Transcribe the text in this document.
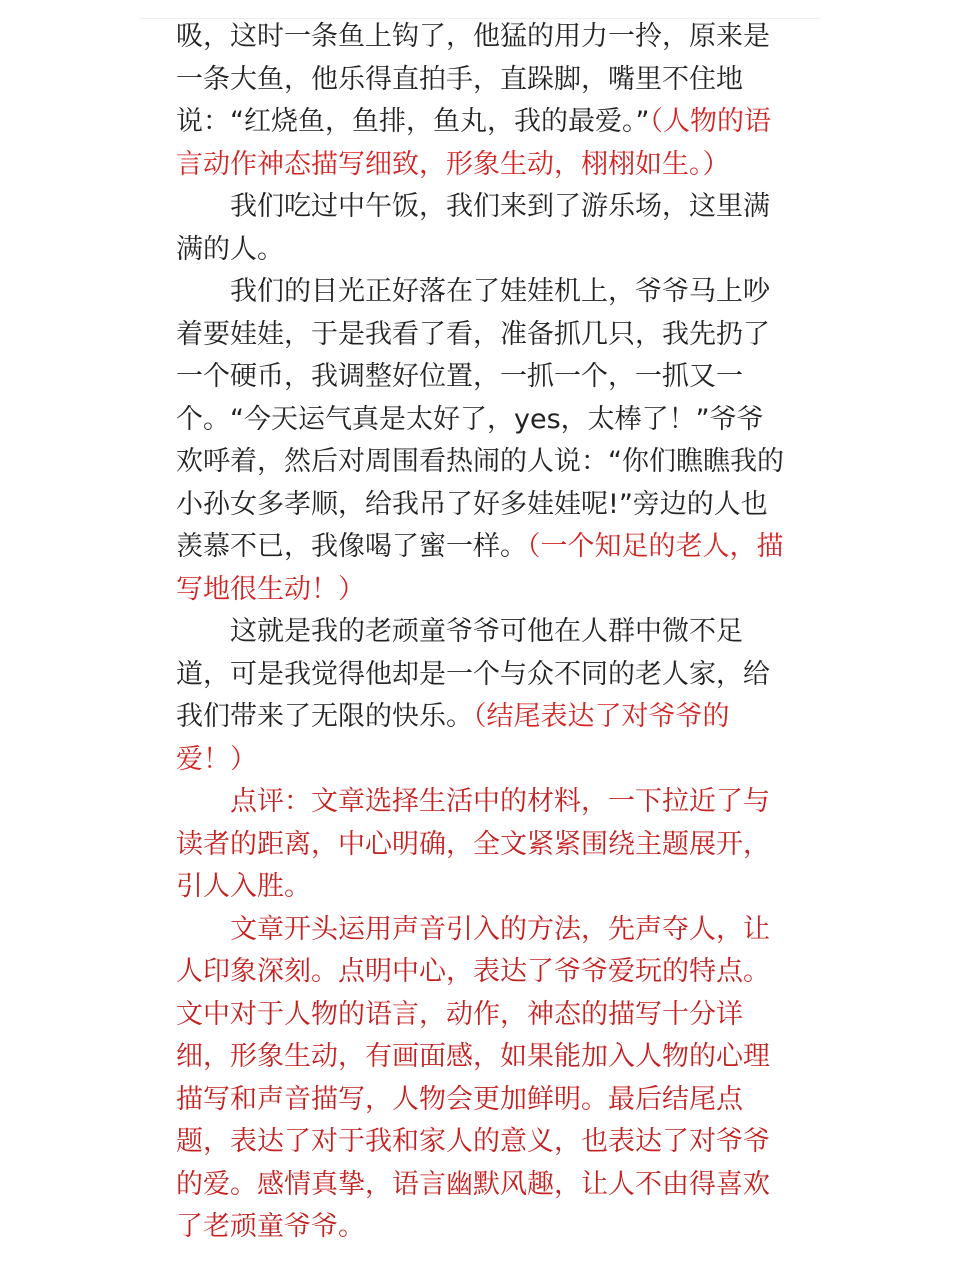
吸，这时一条鱼上钩了，他猛的用力一拎，原来是一条大鱼，他乐得直拍手，直跺脚，嘴里不住地说：“红烧鱼，鱼排，鱼丸，我的最爱。”（人物的语言动作神态描写细致，形象生动，栩栩如生。）

我们吃过中午饭，我们来到了游乐场，这里满满的人。

我们的目光正好落在了娃娃机上，爷爷马上吵着要娃娃，于是我看了看，准备抓几只，我先扔了一个硬币，我调整好位置，一抓一个，一抓又一个。“今天运气真是太好了，yes，太棒了！”爷爷欢呼着，然后对周围看热闹的人说：“你们瞧瞧我的小孙女多孝顺，给我吊了好多娃娃呢!”旁边的人也羡慕不已，我像喝了蜜一样。（一个知足的老人，描写地很生动！）

这就是我的老顽童爷爷可他在人群中微不足道，可是我觉得他却是一个与众不同的老人家，给我们带来了无限的快乐。（结尾表达了对爷爷的爱！）

点评：文章选择生活中的材料，一下拉近了与读者的距离，中心明确，全文紧紧围绕主题展开，引人入胜。

文章开头运用声音引入的方法，先声夺人，让人印象深刻。点明中心，表达了爷爷爱玩的特点。文中对于人物的语言，动作，神态的描写十分详细，形象生动，有画面感，如果能加入人物的心理描写和声音描写，人物会更加鲜明。最后结尾点题，表达了对于我和家人的意义，也表达了对爷爷的爱。感情真挚，语言幽默风趣，让人不由得喜欢了老顽童爷爷。
